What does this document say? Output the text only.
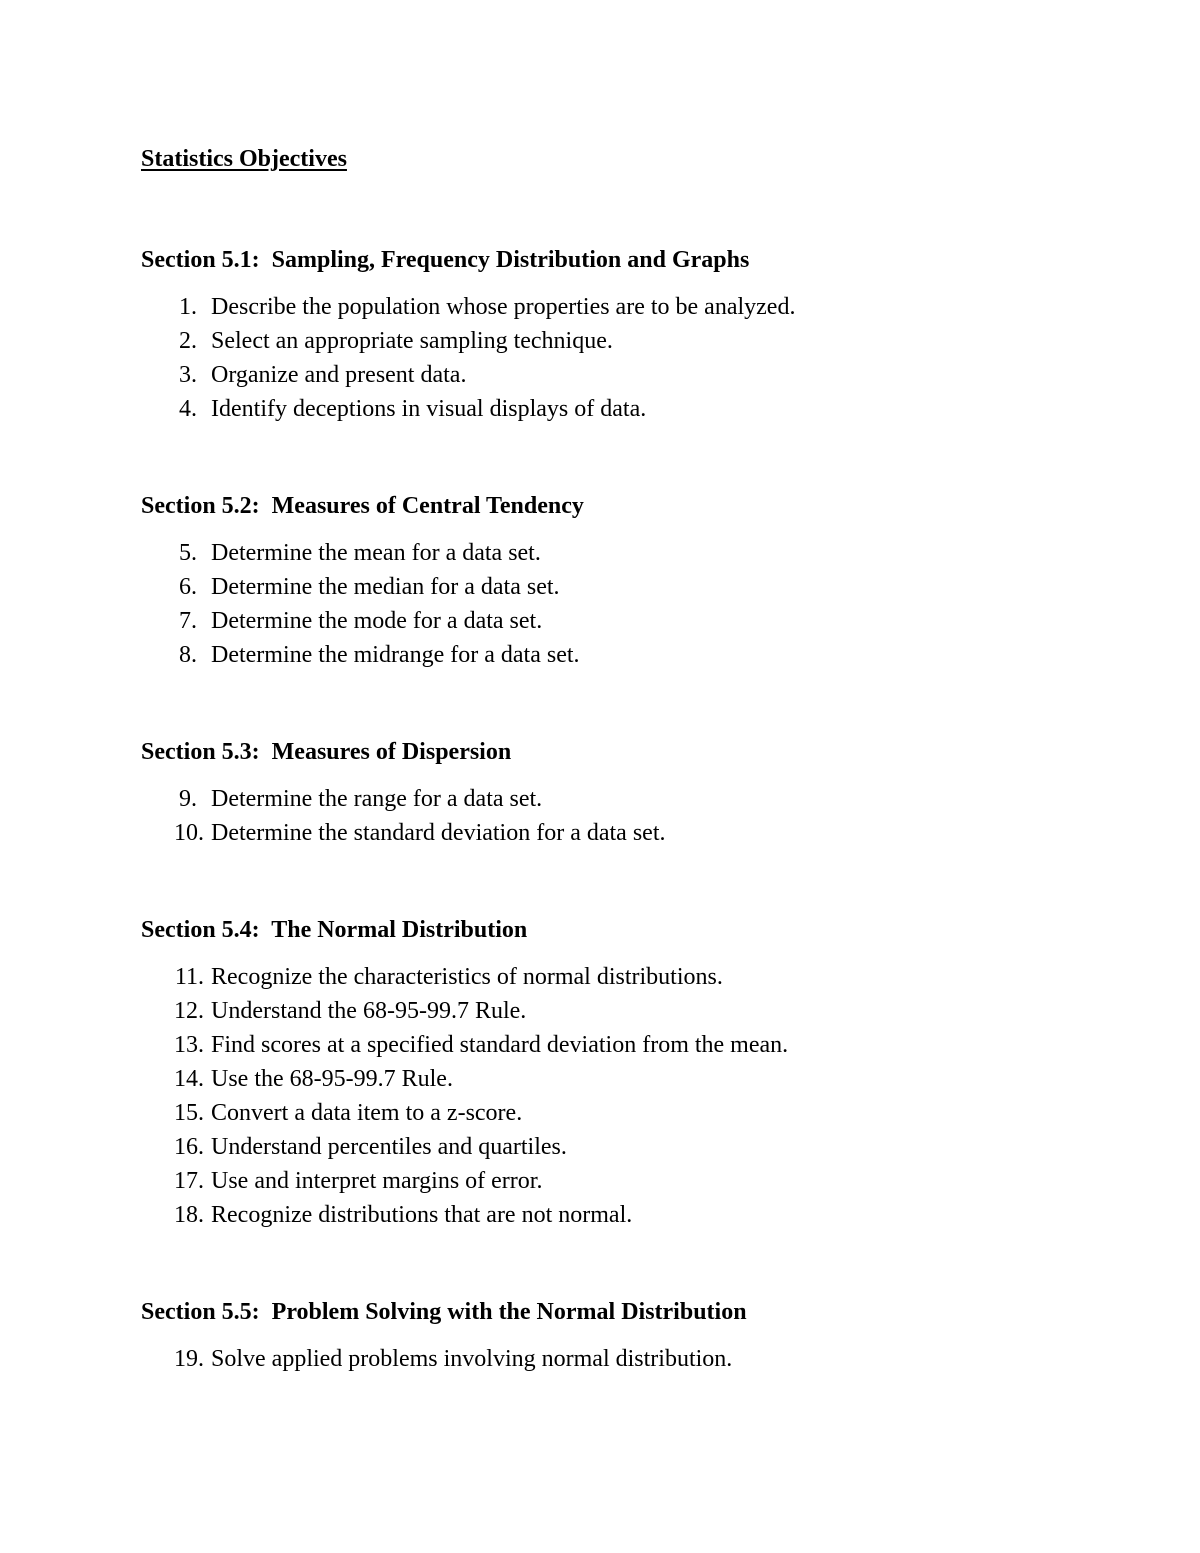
Statistics Objectives
Section 5.1:  Sampling, Frequency Distribution and Graphs
1. Describe the population whose properties are to be analyzed.
2. Select an appropriate sampling technique.
3. Organize and present data.
4. Identify deceptions in visual displays of data.
Section 5.2:  Measures of Central Tendency
5. Determine the mean for a data set.
6. Determine the median for a data set.
7. Determine the mode for a data set.
8. Determine the midrange for a data set.
Section 5.3:  Measures of Dispersion
9. Determine the range for a data set.
10. Determine the standard deviation for a data set.
Section 5.4:  The Normal Distribution
11. Recognize the characteristics of normal distributions.
12. Understand the 68-95-99.7 Rule.
13. Find scores at a specified standard deviation from the mean.
14. Use the 68-95-99.7 Rule.
15. Convert a data item to a z-score.
16. Understand percentiles and quartiles.
17. Use and interpret margins of error.
18. Recognize distributions that are not normal.
Section 5.5:  Problem Solving with the Normal Distribution
19. Solve applied problems involving normal distribution.
